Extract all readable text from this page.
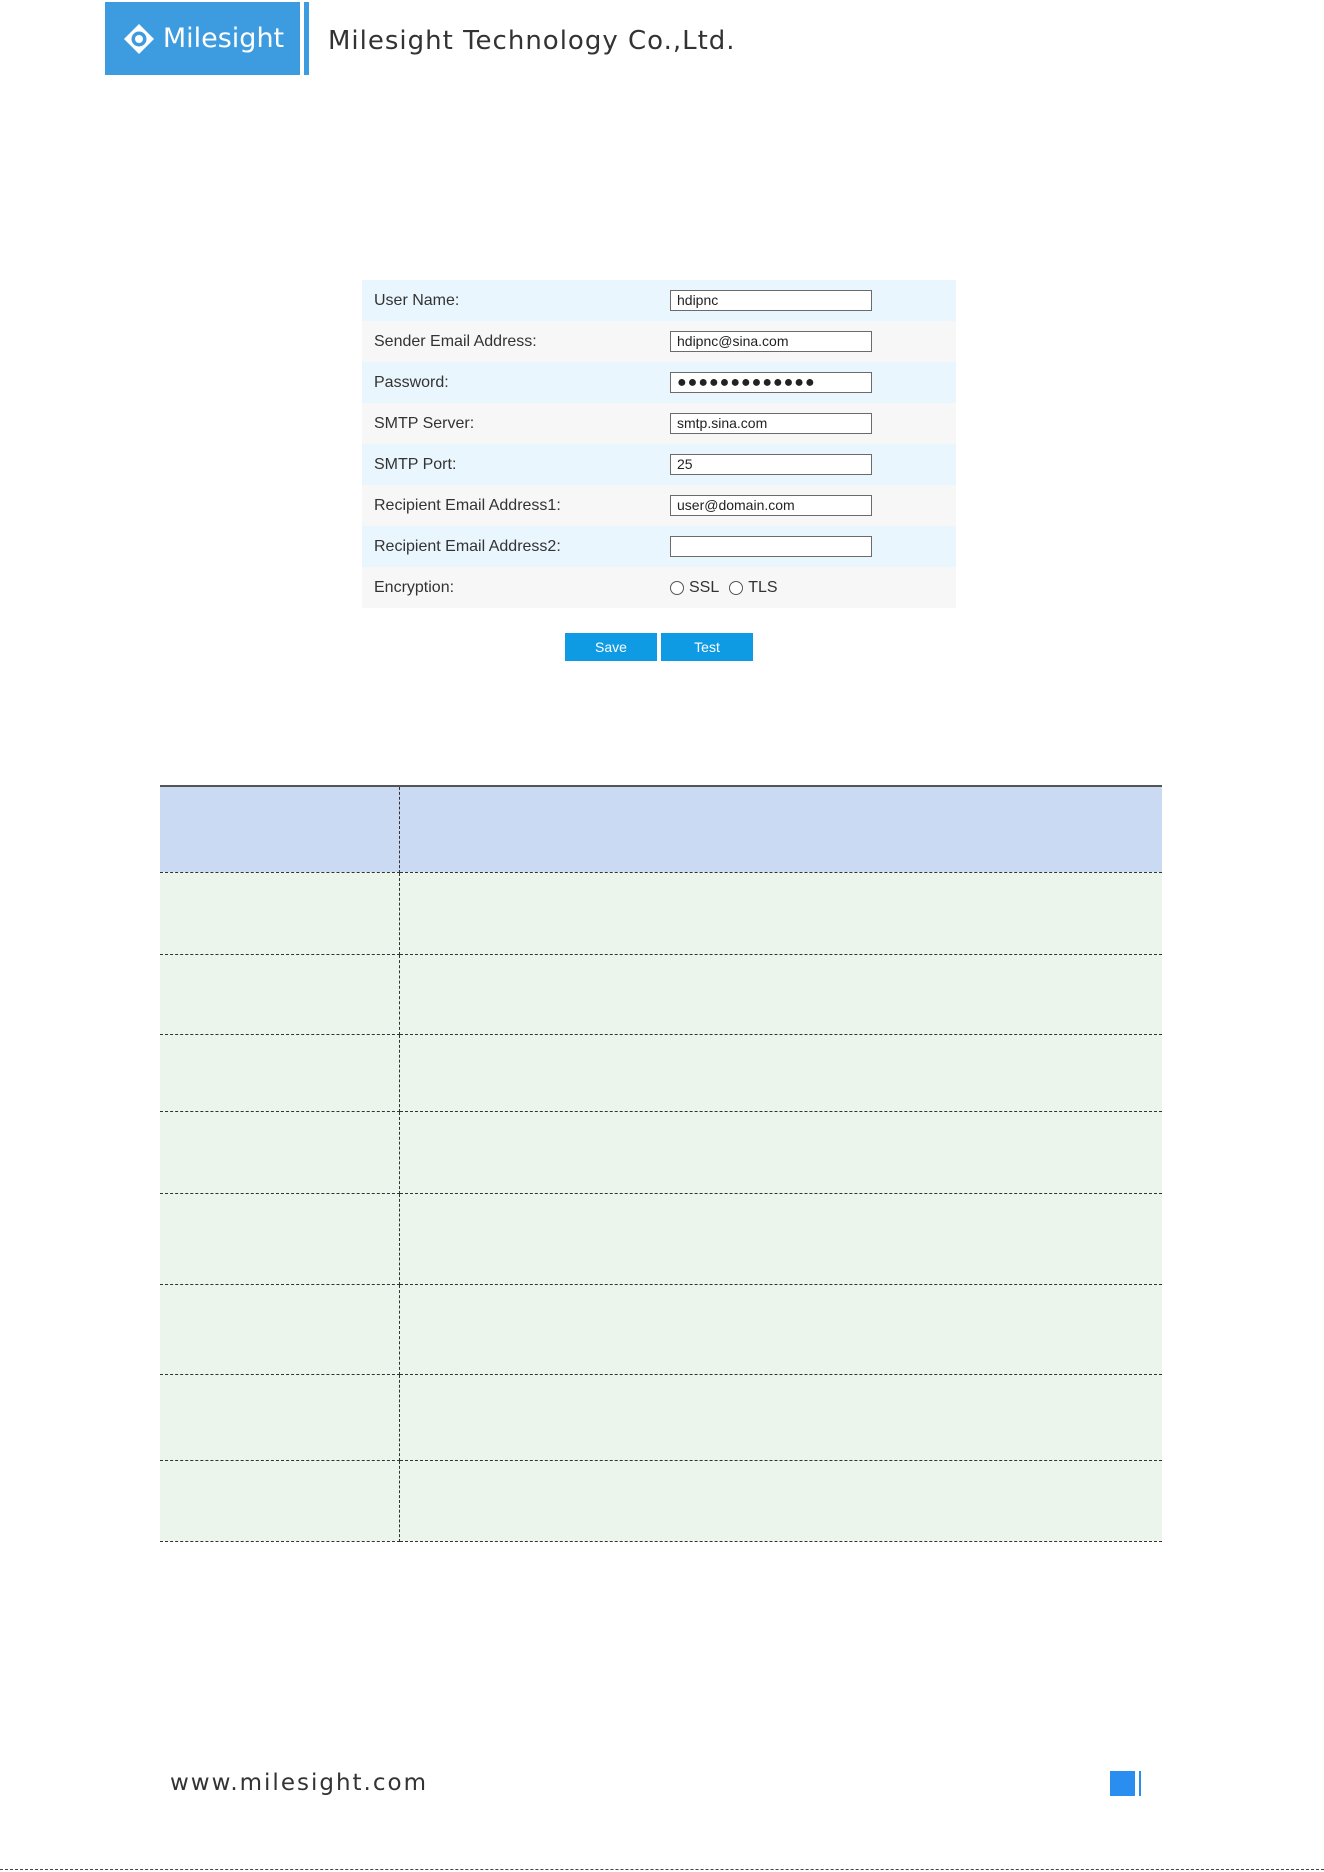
Milesight Milesight Technology Co.,Ltd.
User Name:	hdipnc
Sender Email Address:	hdipnc@sina.com
Password:	●●●●●●●●●●●●●
SMTP Server:	smtp.sina.com
SMTP Port:	25
Recipient Email Address1:	user@domain.com
Recipient Email Address2:
Encryption:	SSL TLS
Save	Test

www.milesight.com
